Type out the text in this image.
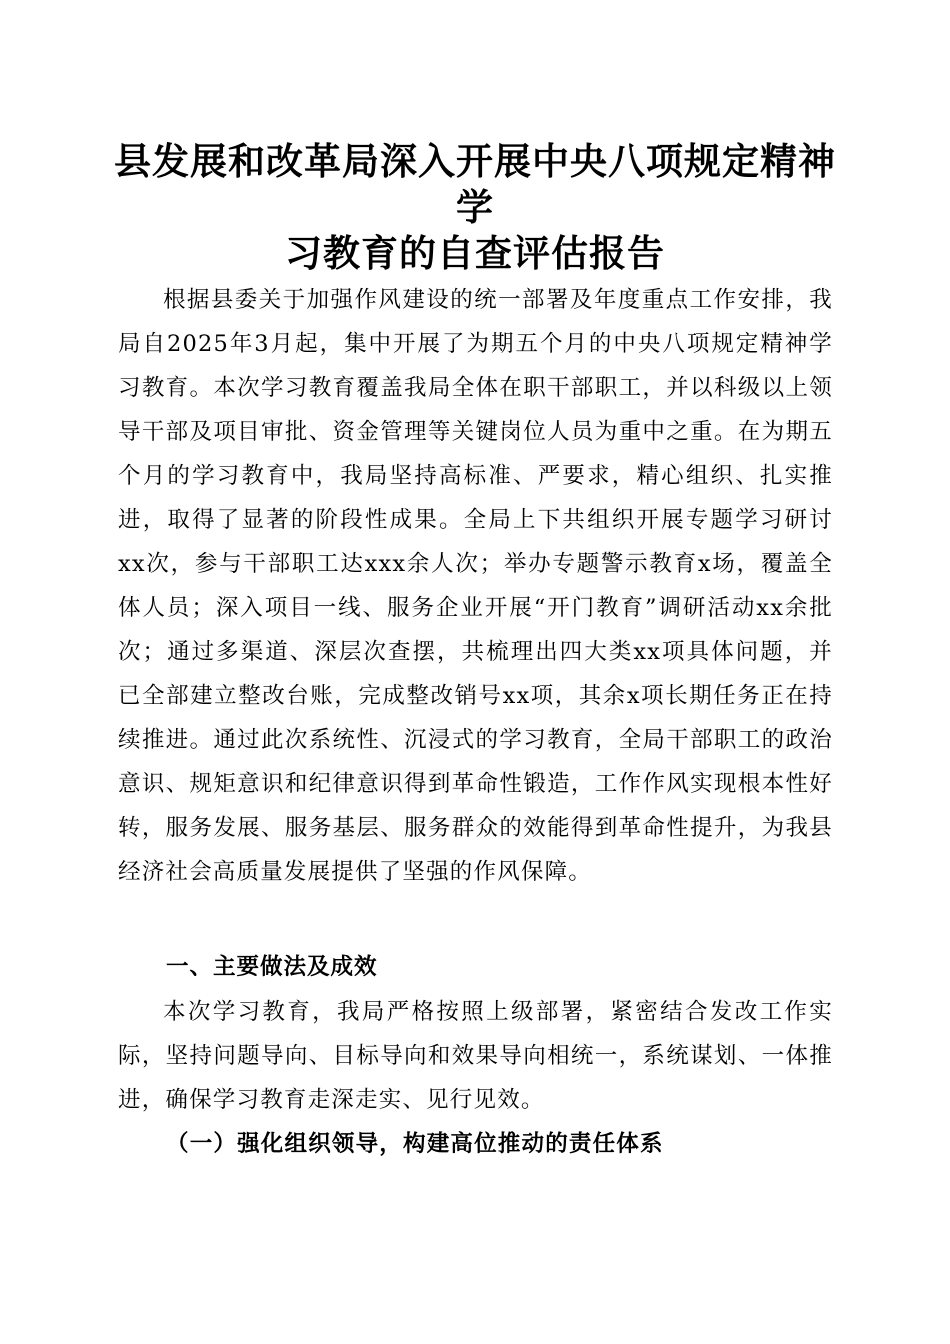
县发展和改革局深入开展中央八项规定精神学
习教育的自查评估报告

根据县委关于加强作风建设的统一部署及年度重点工作安排，我局自2025年3月起，集中开展了为期五个月的中央八项规定精神学习教育。本次学习教育覆盖我局全体在职干部职工，并以科级以上领导干部及项目审批、资金管理等关键岗位人员为重中之重。在为期五个月的学习教育中，我局坚持高标准、严要求，精心组织、扎实推进，取得了显著的阶段性成果。全局上下共组织开展专题学习研讨xx次，参与干部职工达xxx余人次；举办专题警示教育x场，覆盖全体人员；深入项目一线、服务企业开展“开门教育”调研活动xx余批次；通过多渠道、深层次查摆，共梳理出四大类xx项具体问题，并已全部建立整改台账，完成整改销号xx项，其余x项长期任务正在持续推进。通过此次系统性、沉浸式的学习教育，全局干部职工的政治意识、规矩意识和纪律意识得到革命性锻造，工作作风实现根本性好转，服务发展、服务基层、服务群众的效能得到革命性提升，为我县经济社会高质量发展提供了坚强的作风保障。

一、主要做法及成效

本次学习教育，我局严格按照上级部署，紧密结合发改工作实际，坚持问题导向、目标导向和效果导向相统一，系统谋划、一体推进，确保学习教育走深走实、见行见效。

（一）强化组织领导，构建高位推动的责任体系
